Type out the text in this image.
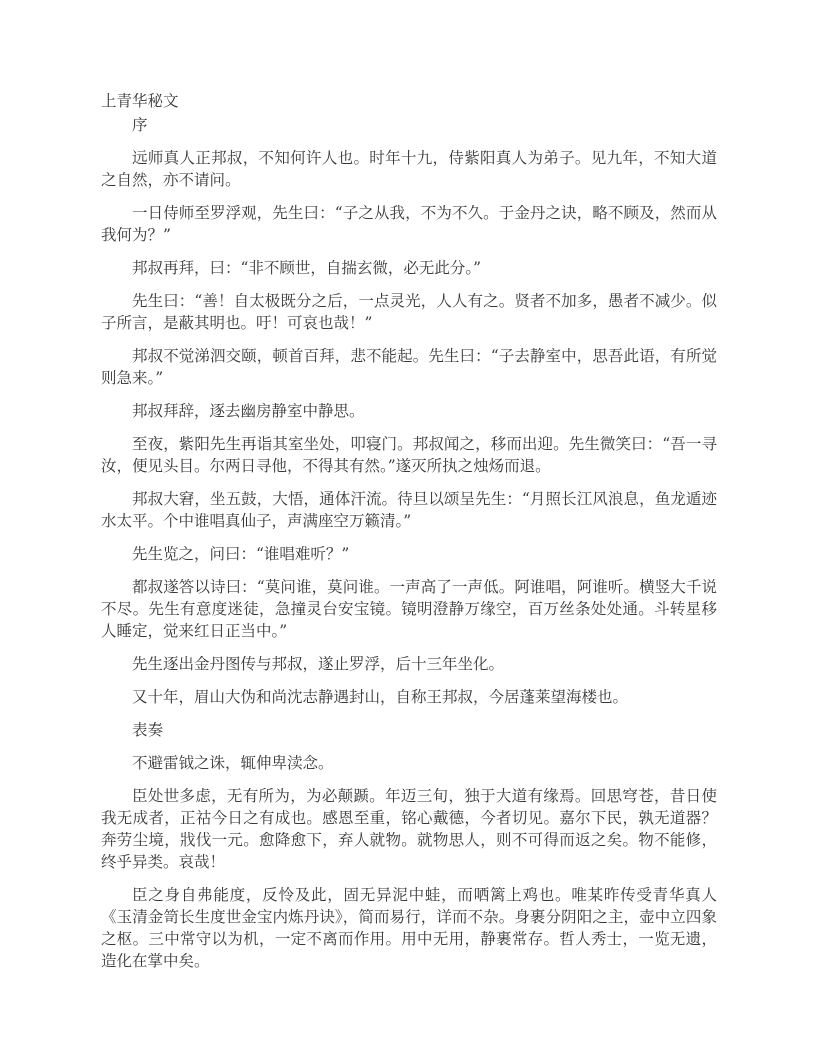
上青华秘文
序

远师真人正邦叔，不知何许人也。时年十九，侍紫阳真人为弟子。见九年，不知大道之自然，亦不请问。

一日侍师至罗浮观，先生曰：“子之从我，不为不久。于金丹之诀，略不顾及，然而从我何为？”

邦叔再拜，曰：“非不顾世，自揣玄微，必无此分。”

先生曰：“善！自太极既分之后，一点灵光，人人有之。贤者不加多，愚者不减少。似子所言，是蔽其明也。吁！可哀也哉！”

邦叔不觉涕泗交颐，顿首百拜，悲不能起。先生曰：“子去静室中，思吾此语，有所觉则急来。”

邦叔拜辞，逐去幽房静室中静思。

至夜，紫阳先生再诣其室坐处，叩寝门。邦叔闻之，移而出迎。先生微笑曰：“吾一寻汝，便见头目。尔两日寻他，不得其有然。”遂灭所执之烛炀而退。

邦叔大窘，坐五鼓，大悟，通体汗流。待旦以颂呈先生：“月照长江风浪息，鱼龙遁迹水太平。个中谁唱真仙子，声满座空万籁清。”

先生览之，问曰：“谁唱难听？”

都叔遂答以诗曰：“莫问谁，莫问谁。一声高了一声低。阿谁唱，阿谁听。横竖大千说不尽。先生有意度迷徒，急撞灵台安宝镜。镜明澄静万缘空，百万丝条处处通。斗转星移人睡定，觉来红日正当中。”

先生逐出金丹图传与邦叔，遂止罗浮，后十三年坐化。

又十年，眉山大伪和尚沈志静遇封山，自称王邦叔，今居蓬莱望海楼也。

表奏

不避雷钺之诛，辄伸卑渎念。

臣处世多虑，无有所为，为必颠踬。年迈三旬，独于大道有缘焉。回思穹苍，昔日使我无成者，正祜今日之有成也。感恩至重，铭心戴德，今者切见。嘉尔下民，孰无道器？奔劳尘境，戕伐一元。愈降愈下，弃人就物。就物思人，则不可得而返之矣。物不能修，终乎异类。哀哉！

臣之身自弗能度，反怜及此，固无异泥中蛙，而哂篱上鸡也。唯某昨传受青华真人《玉清金笥长生度世金宝内炼丹诀》，简而易行，详而不杂。身裹分阴阳之主，壶中立四象之枢。三中常守以为机，一定不离而作用。用中无用，静裹常存。哲人秀士，一览无遗，造化在掌中矣。
